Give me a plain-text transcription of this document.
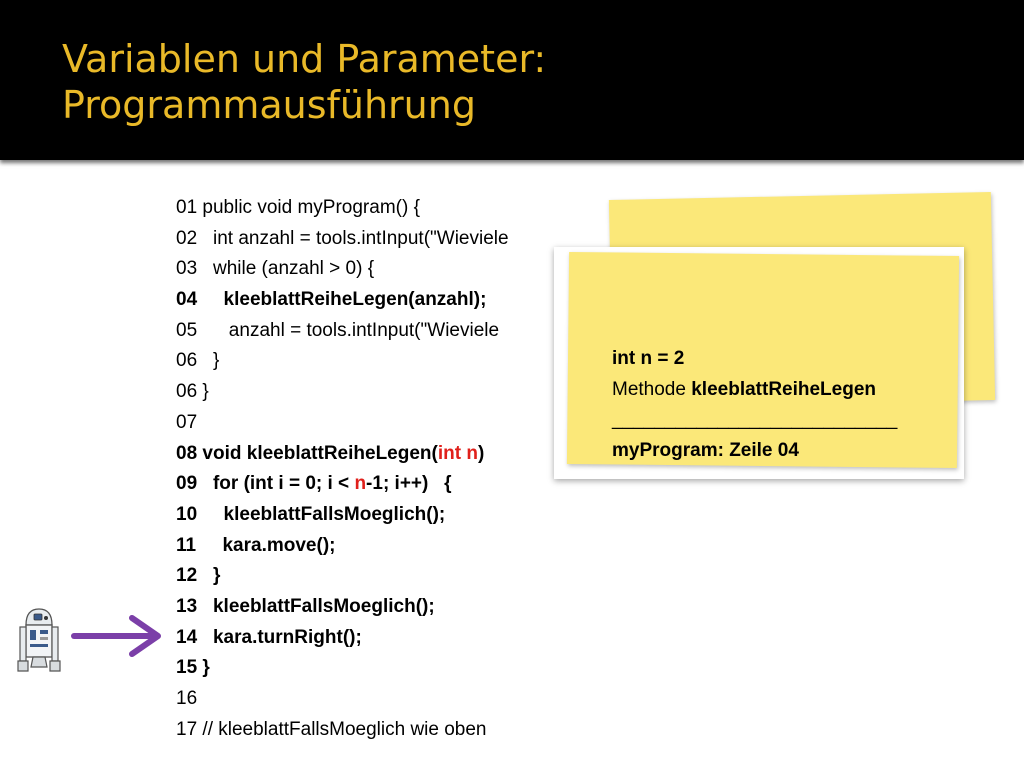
Variablen und Parameter:
Programmausführung
01 public void myProgram() {
02   int anzahl = tools.intInput("Wieviele
03   while (anzahl > 0) {
04     kleeblattReiheLegen(anzahl);
05      anzahl = tools.intInput("Wieviele
06   }
06 }
07
08 void kleeblattReiheLegen(int n)
09   for (int i = 0; i < n-1; i++)   {
10     kleeblattFallsMoeglich();
11     kara.move();
12   }
13   kleeblattFallsMoeglich();
14   kara.turnRight();
15 }
16
17 // kleeblattFallsMoeglich wie oben
int n = 2
Methode kleeblattReiheLegen
___________________________
myProgram: Zeile 04
